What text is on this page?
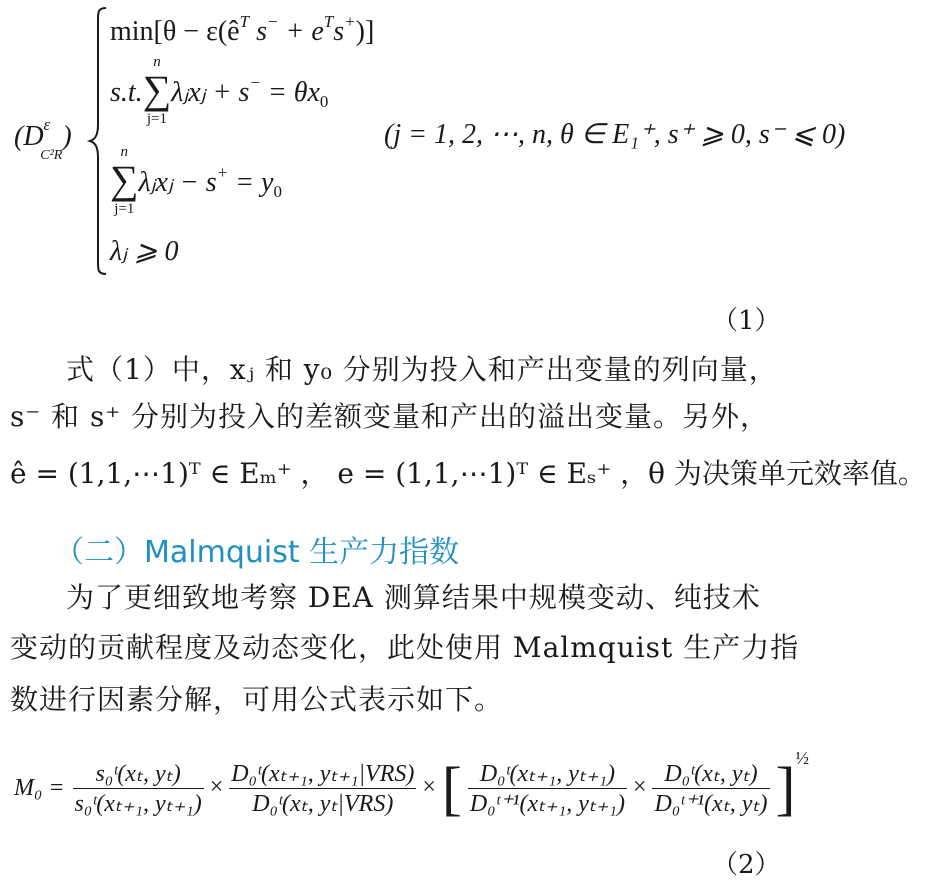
$(D^\varepsilon_{C^2R})$
$\min[\theta - \varepsilon(ê^T$ $s^- + e^Ts^+$)]
s.t.
n
∑
j=1
λⱼxⱼ + $s^- = \theta x_0$
(j = 1, 2, ⋯, n, θ ∈ E₁⁺, s⁺ ⩾ 0, s⁻ ⩽ 0)
n
∑
j=1
λⱼxⱼ − $s^+ = y_0$
λⱼ ⩾ 0
（1）
式（1）中，xⱼ 和 y₀ 分别为投入和产出变量的列向量，
s⁻ 和 s⁺ 分别为投入的差额变量和产出的溢出变量。另外，
ê = (1,1,⋯1)ᵀ ∈ Eₘ⁺ ， e = (1,1,⋯1)ᵀ ∈ Eₛ⁺ ，θ 为决策单元效率值。
（二）Malmquist 生产力指数
为了更细致地考察 DEA 测算结果中规模变动、纯技术
变动的贡献程度及动态变化，此处使用 Malmquist 生产力指
数进行因素分解，可用公式表示如下。
M₀ =
$\frac{\text{s₀ᵗ(xₜ, yₜ)}}{\text{s₀ᵗ(xₜ₊₁, yₜ₊₁)}} \times \frac{\text{D₀ᵗ(xₜ₊₁, yₜ₊₁|VRS)}}{\text{D₀ᵗ(xₜ, yₜ|VRS)}}$ × [ $\frac{\text{D₀ᵗ(xₜ₊₁, yₜ₊₁)}}{\text{D₀ᵗ⁺¹(xₜ₊₁, yₜ₊₁)}} \times \frac{\text{D₀ᵗ(xₜ, yₜ)}}{\text{D₀ᵗ⁺¹(xₜ, yₜ)}} ]^{\frac{1}{2}}$
（2）
